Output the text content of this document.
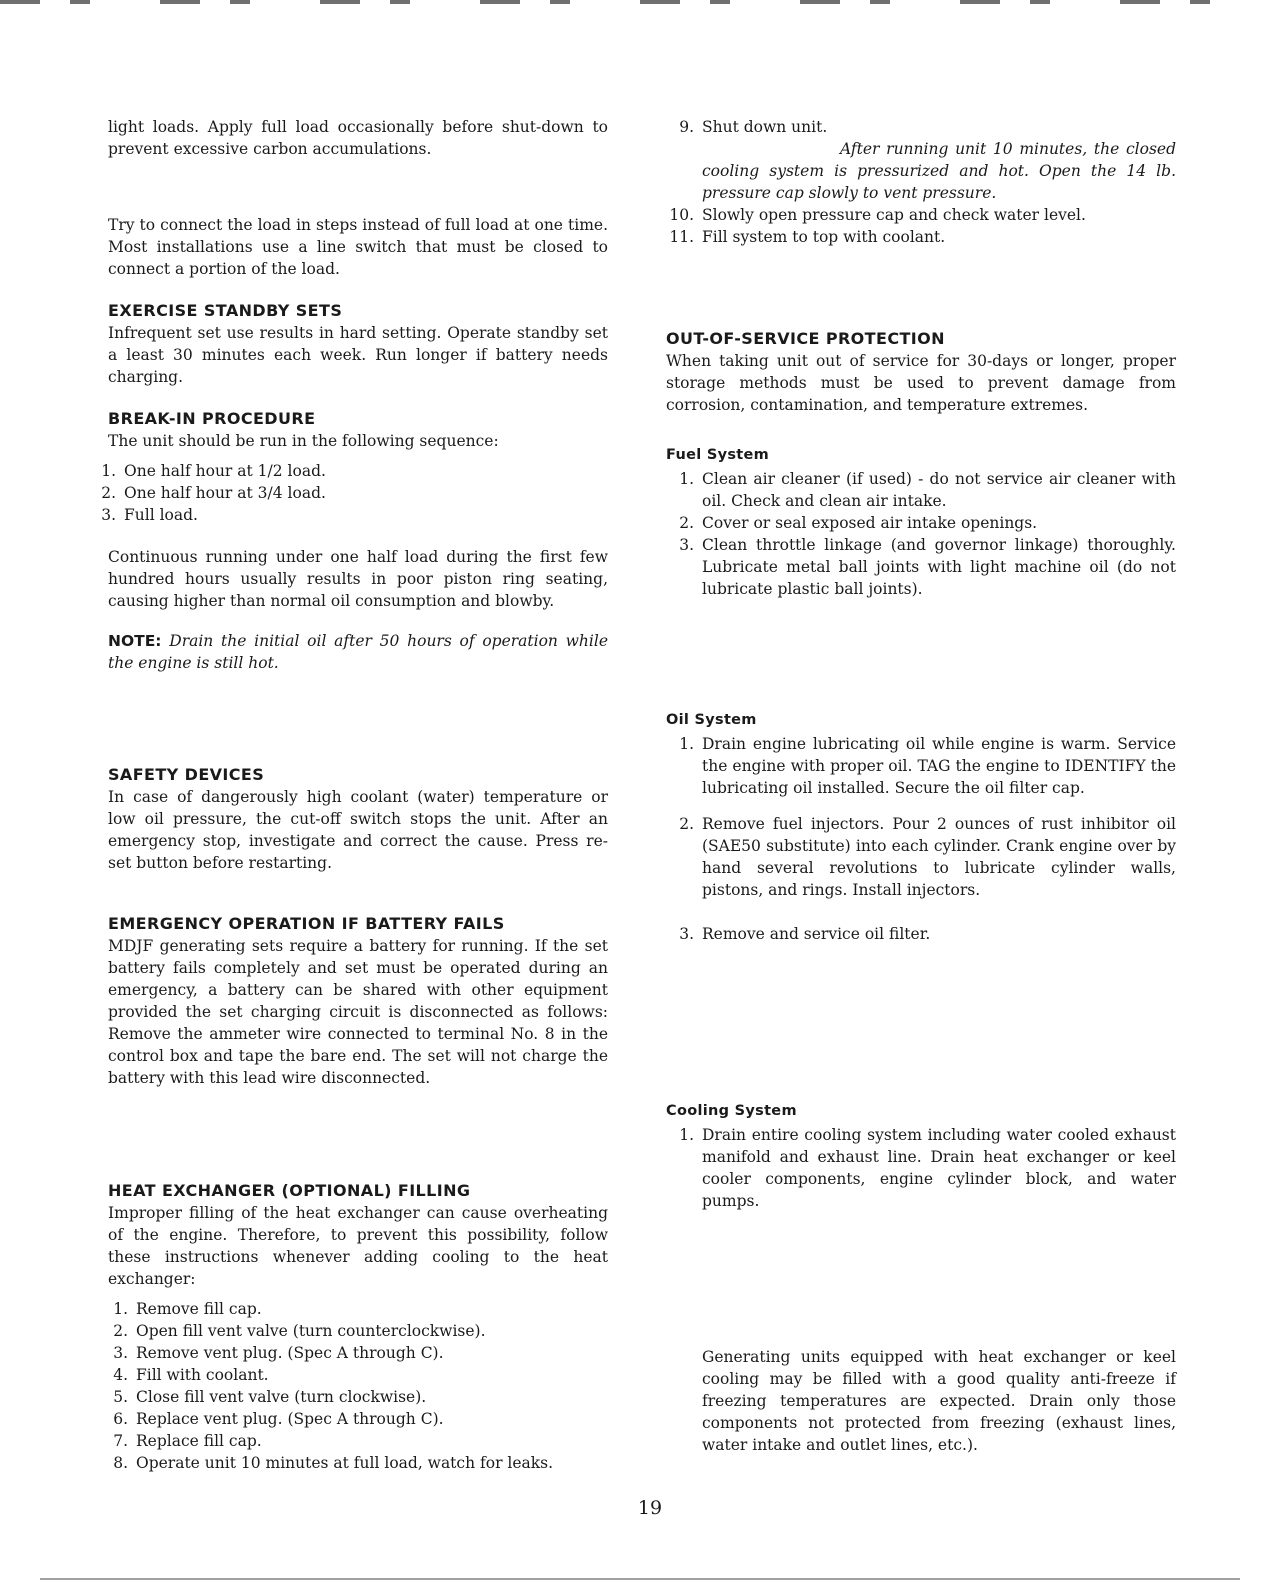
light loads. Apply full load occasionally before shut-down to prevent excessive carbon accumulations.

Try to connect the load in steps instead of full load at one time. Most installations use a line switch that must be closed to connect a portion of the load.

EXERCISE STANDBY SETS

Infrequent set use results in hard setting. Operate standby set a least 30 minutes each week. Run longer if battery needs charging.

BREAK-IN PROCEDURE

The unit should be run in the following sequence:

1. One half hour at 1/2 load.
2. One half hour at 3/4 load.
3. Full load.

Continuous running under one half load during the first few hundred hours usually results in poor piston ring seating, causing higher than normal oil consumption and blowby.

NOTE: Drain the initial oil after 50 hours of operation while the engine is still hot.

SAFETY DEVICES

In case of dangerously high coolant (water) temperature or low oil pressure, the cut-off switch stops the unit. After an emergency stop, investigate and correct the cause. Press re-set button before restarting.

EMERGENCY OPERATION IF BATTERY FAILS

MDJF generating sets require a battery for running. If the set battery fails completely and set must be operated during an emergency, a battery can be shared with other equipment provided the set charging circuit is disconnected as follows: Remove the ammeter wire connected to terminal No. 8 in the control box and tape the bare end. The set will not charge the battery with this lead wire disconnected.

HEAT EXCHANGER (OPTIONAL) FILLING

Improper filling of the heat exchanger can cause overheating of the engine. Therefore, to prevent this possibility, follow these instructions whenever adding cooling to the heat exchanger:

1. Remove fill cap.
2. Open fill vent valve (turn counterclockwise).
3. Remove vent plug. (Spec A through C).
4. Fill with coolant.
5. Close fill vent valve (turn clockwise).
6. Replace vent plug. (Spec A through C).
7. Replace fill cap.
8. Operate unit 10 minutes at full load, watch for leaks.
9. Shut down unit.

After running unit 10 minutes, the closed cooling system is pressurized and hot. Open the 14 lb. pressure cap slowly to vent pressure.

10. Slowly open pressure cap and check water level.
11. Fill system to top with coolant.
OUT-OF-SERVICE PROTECTION

When taking unit out of service for 30-days or longer, proper storage methods must be used to prevent damage from corrosion, contamination, and temperature extremes.

Fuel System
1. Clean air cleaner (if used) - do not service air cleaner with oil. Check and clean air intake.
2. Cover or seal exposed air intake openings.
3. Clean throttle linkage (and governor linkage) thoroughly. Lubricate metal ball joints with light machine oil (do not lubricate plastic ball joints).
Oil System
1. Drain engine lubricating oil while engine is warm. Service the engine with proper oil. TAG the engine to IDENTIFY the lubricating oil installed. Secure the oil filter cap.
2. Remove fuel injectors. Pour 2 ounces of rust inhibitor oil (SAE50 substitute) into each cylinder. Crank engine over by hand several revolutions to lubricate cylinder walls, pistons, and rings. Install injectors.
3. Remove and service oil filter.
Cooling System
1. Drain entire cooling system including water cooled exhaust manifold and exhaust line. Drain heat exchanger or keel cooler components, engine cylinder block, and water pumps.

Generating units equipped with heat exchanger or keel cooling may be filled with a good quality anti-freeze if freezing temperatures are expected. Drain only those components not protected from freezing (exhaust lines, water intake and outlet lines, etc.).

19
